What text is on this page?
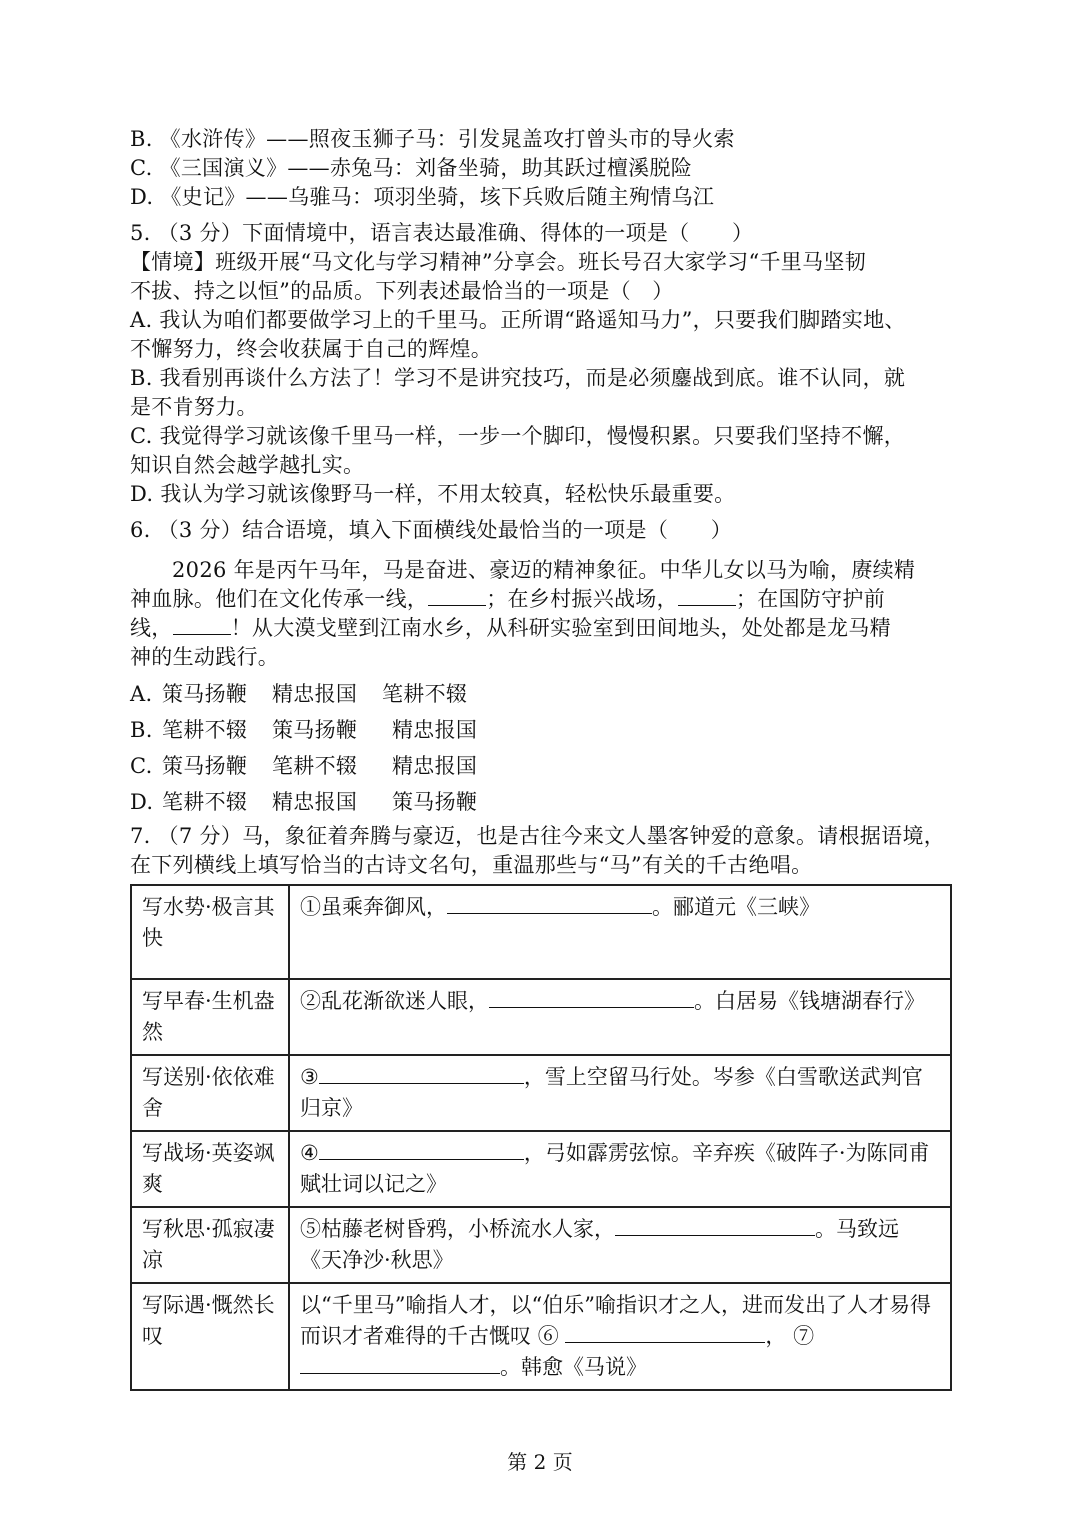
B. 《水浒传》——照夜玉狮子马：引发晁盖攻打曾头市的导火索
C. 《三国演义》——赤兔马：刘备坐骑，助其跃过檀溪脱险
D. 《史记》——乌骓马：项羽坐骑，垓下兵败后随主殉情乌江
5. （3 分）下面情境中，语言表达最准确、得体的一项是（　　）
【情境】班级开展“马文化与学习精神”分享会。班长号召大家学习“千里马坚韧
不拔、持之以恒”的品质。下列表述最恰当的一项是（　）
A. 我认为咱们都要做学习上的千里马。正所谓“路遥知马力”，只要我们脚踏实地、
不懈努力，终会收获属于自己的辉煌。
B. 我看别再谈什么方法了！学习不是讲究技巧，而是必须鏖战到底。谁不认同，就
是不肯努力。
C. 我觉得学习就该像千里马一样，一步一个脚印，慢慢积累。只要我们坚持不懈，
知识自然会越学越扎实。
D. 我认为学习就该像野马一样，不用太较真，轻松快乐最重要。
6. （3 分）结合语境，填入下面横线处最恰当的一项是（　　）
2026 年是丙午马年，马是奋进、豪迈的精神象征。中华儿女以马为喻，赓续精
神血脉。他们在文化传承一线，	；在乡村振兴战场，	；在国防守护前
线，	！从大漠戈壁到江南水乡，从科研实验室到田间地头，处处都是龙马精
神的生动践行。
A. 策马扬鞭 精忠报国 笔耕不辍
B. 笔耕不辍 策马扬鞭 精忠报国
C. 策马扬鞭 笔耕不辍 精忠报国
D. 笔耕不辍 精忠报国 策马扬鞭
7. （7 分）马，象征着奔腾与豪迈，也是古往今来文人墨客钟爱的意象。请根据语境，
在下列横线上填写恰当的古诗文名句，重温那些与“马”有关的千古绝唱。
写水势·极言其快	①虽乘奔御风， 。郦道元《三峡》
写早春·生机盎然	②乱花渐欲迷人眼， 。白居易《钱塘湖春行》
写送别·依依难舍	③ ，雪上空留马行处。岑参《白雪歌送武判官归京》
写战场·英姿飒爽	④ ，弓如霹雳弦惊。辛弃疾《破阵子·为陈同甫赋壮词以记之》
写秋思·孤寂凄凉	⑤枯藤老树昏鸦，小桥流水人家， 。马致远《天净沙·秋思》
写际遇·慨然长叹	以“千里马”喻指人才，以“伯乐”喻指识才之人，进而发出了人才易得而识才者难得的千古慨叹 ⑥ ， ⑦ 。韩愈《马说》
第 2 页
